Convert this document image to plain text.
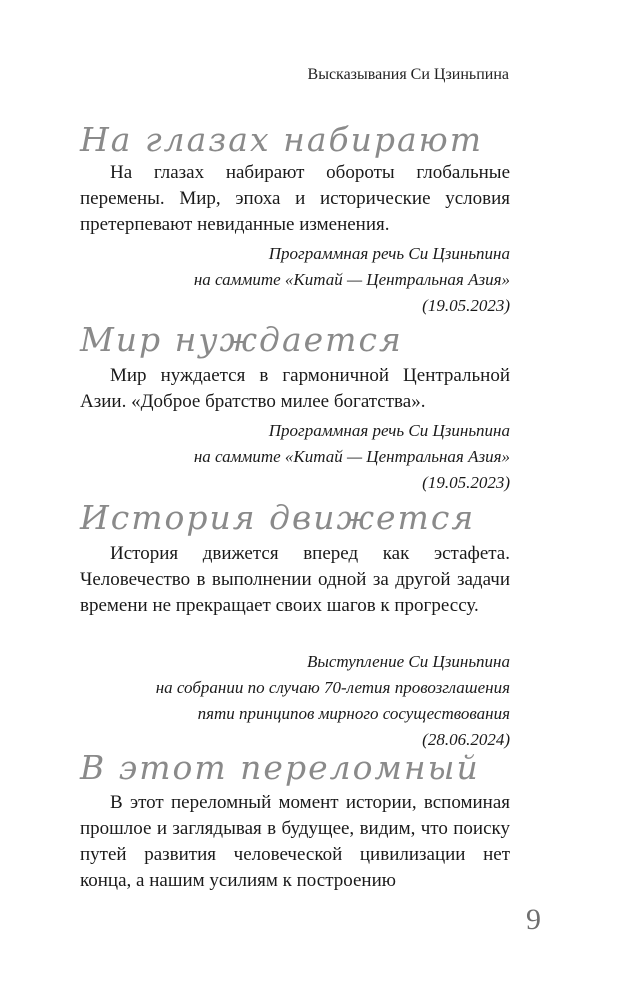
Высказывания Си Цзиньпина
На глазах набирают

На глазах набирают обороты глобальные перемены. Мир, эпоха и исторические условия претерпевают невиданные изменения.

Программная речь Си Цзиньпина
на саммите «Китай — Центральная Азия»
(19.05.2023)
Мир нуждается

Мир нуждается в гармоничной Центральной Азии. «Доброе братство милее богатства».

Программная речь Си Цзиньпина
на саммите «Китай — Центральная Азия»
(19.05.2023)
История движется

История движется вперед как эстафета. Человечество в выполнении одной за другой задачи времени не прекращает своих шагов к прогрессу.

Выступление Си Цзиньпина
на собрании по случаю 70-летия провозглашения
пяти принципов мирного сосуществования
(28.06.2024)
В этот переломный

В этот переломный момент истории, вспоминая прошлое и заглядывая в будущее, видим, что поиску путей развития человеческой цивилизации нет конца, а нашим усилиям к построению

9
